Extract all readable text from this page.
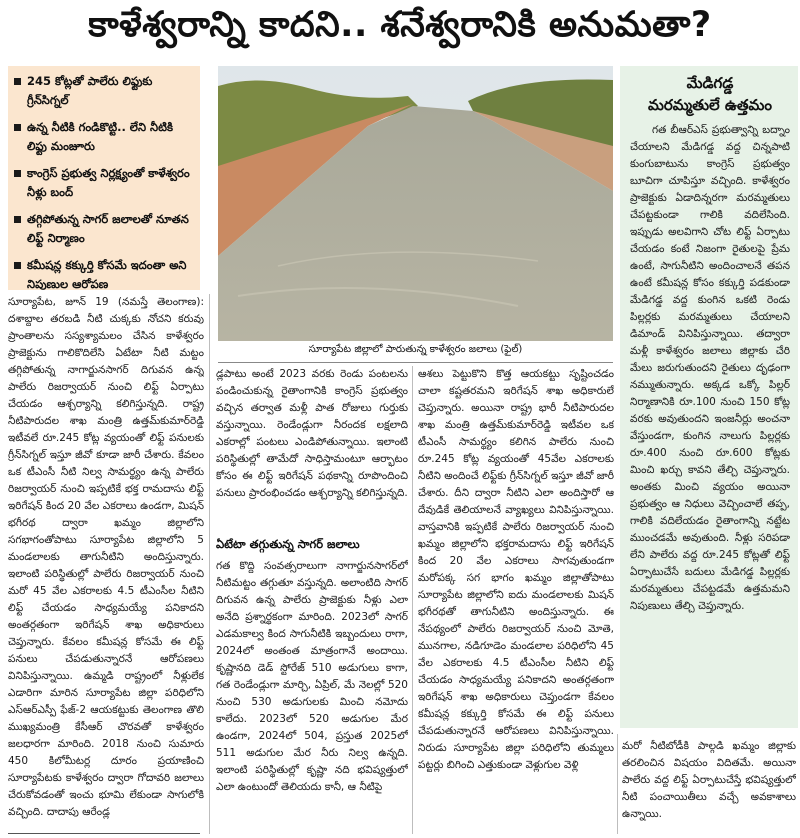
కాళేశ్వరాన్ని కాదని.. శనేశ్వరానికి అనుమతా?
245 కోట్లతో పాలేరు లిఫ్టుకు గ్రీన్‌సిగ్నల్
ఉన్న నీటికి గండికొట్టి.. లేని నీటికి లిఫ్టు మంజూరు
కాంగ్రెస్ ప్రభుత్వ నిర్లక్ష్యంతో కాళేశ్వరం నీళ్లు బంద్
తగ్గిపోతున్న సాగర్ జలాలతో నూతన లిఫ్ట్ నిర్మాణం
కమీషన్ల కక్కుర్తి కోసమే ఇదంతా అని నిపుణుల ఆరోపణ
సూర్యాపేట జిల్లాలో పారుతున్న కాళేశ్వరం జలాలు (ఫైల్)
మేడిగడ్డ
మరమ్మతులే ఉత్తమం
గత బీఆర్ఎస్ ప్రభుత్వాన్ని బద్నాం చేయాలని మేడిగడ్డ వద్ద చిన్నపాటి కుంగుబాటును కాంగ్రెస్ ప్రభుత్వం బూచిగా చూపిస్తూ వచ్చింది. కాళేశ్వరం ప్రాజెక్టుకు ఏడాదిన్నరగా మరమ్మతులు చేపట్టకుండా గాలికి వదిలేసింది. ఇప్పుడు అలవిగాని చోట లిఫ్ట్ ఏర్పాటు చేయడం కంటే నిజంగా రైతులపై ప్రేమ ఉంటే, సాగునీటిని అందించాలనే తపన ఉంటే కమీషన్ల కోసం కక్కుర్తి పడకుండా మేడిగడ్డ వద్ద కుంగిన ఒకటి రెండు పిల్లర్లకు మరమ్మతులు చేయాలని డిమాండ్ వినిపిస్తున్నాయి. తద్వారా మళ్లీ కాళేశ్వరం జలాలు జిల్లాకు చేరి మేలు జరుగుతుందని రైతులు దృఢంగా నమ్ముతున్నారు. అక్కడ ఒక్కో పిల్లర్ నిర్మాణానికి రూ.100 నుంచి 150 కోట్ల వరకు అవుతుందని ఇంజనీర్లు అంచనా వేస్తుండగా, కుంగిన నాలుగు పిల్లర్లకు రూ.400 నుంచి రూ.600 కోట్లకు మించి ఖర్చు కావని తేల్చి చెప్తున్నారు. అంతకు మించి వ్యయం అయినా ప్రభుత్వం ఆ నిధులు వెచ్చించాలే తప్ప, గాలికి వదిలేయడం రైతాంగాన్ని నట్టేట ముంచడమే అవుతుంది. నీళ్లు సరిపడా లేని పాలేరు వద్ద రూ.245 కోట్లతో లిఫ్ట్ ఏర్పాటుచేసే బదులు మేడిగడ్డ పిల్లర్లకు మరమ్మతులు చేపట్టడమే ఉత్తమమని నిపుణులు తేల్చి చెప్తున్నారు.
సూర్యాపేట, జూన్ 19 (నమస్తే తెలంగాణ): దశాబ్దాల తరబడి నీటి చుక్కకు నోచని కరువు ప్రాంతాలను సస్యశ్యామలం చేసిన కాళేశ్వరం ప్రాజెక్టును గాలికొదిలేసి ఏటేటా నీటి మట్టం తగ్గిపోతున్న నాగార్జునసాగర్ దిగువన ఉన్న పాలేరు రిజర్వాయర్ నుంచి లిఫ్ట్ ఏర్పాటు చేయడం ఆశ్చర్యాన్ని కలిగిస్తున్నది. రాష్ట్ర నీటిపారుదల శాఖ మంత్రి ఉత్తమ్‌కుమార్‌రెడ్డి ఇటీవలే రూ.245 కోట్ల వ్యయంతో లిఫ్ట్ పనులకు గ్రీన్‌సిగ్నల్ ఇస్తూ జీవో కూడా జారీ చేశారు. కేవలం ఒక టీఎంసీ నీటి నిల్వ సామర్థ్యం ఉన్న పాలేరు రిజర్వాయర్ నుంచి ఇప్పటికే భక్త రామదాసు లిఫ్ట్ ఇరిగేషన్ కింద 20 వేల ఎకరాలు ఉండగా, మిషన్ భగీరథ ద్వారా ఖమ్మం జిల్లాలోని సగభాగంతోపాటు సూర్యాపేట జిల్లాలోని 5 మండలాలకు తాగునీటిని అందిస్తున్నారు. ఇలాంటి పరిస్థితుల్లో పాలేరు రిజర్వాయర్ నుంచి మరో 45 వేల ఎకరాలకు 4.5 టీఎంసీల నీటిని లిఫ్ట్ చేయడం సాధ్యమయ్యే పనికాదని అంతర్గతంగా ఇరిగేషన్ శాఖ అధికారులు చెప్తున్నారు. కేవలం కమీషన్ల కోసమే ఈ లిఫ్ట్ పనులు చేపడుతున్నారనే ఆరోపణలు వినిపిస్తున్నాయి. ఉమ్మడి రాష్ట్రంలో నీళ్లులేక ఎడారిగా మారిన సూర్యాపేట జిల్లా పరిధిలోని ఎస్ఆర్ఎస్పీ ఫేజ్-2 ఆయకట్టుకు తెలంగాణ తొలి ముఖ్యమంత్రి కేసీఆర్ చొరవతో కాళేశ్వరం జలధారగా మారింది. 2018 నుంచి సుమారు 450 కిలోమీటర్ల దూరం ప్రయాణించి సూర్యాపేటకు కాళేశ్వరం ద్వారా గోదావరి జలాలు చేరుకోవడంతో ఇంచు భూమి లేకుండా సాగులోకి వచ్చింది. దాదాపు ఆరేండ్ల
డ్లపాటు అంటే 2023 వరకు రెండు పంటలను పండించుకున్న రైతాంగానికి కాంగ్రెస్ ప్రభుత్వం వచ్చిన తర్వాత మళ్లీ పాత రోజులు గుర్తుకు వస్తున్నాయి. రెండేండ్లుగా నీరందక లక్షలాది ఎకరాల్లో పంటలు ఎండిపోతున్నాయి. ఇలాంటి పరిస్థితుల్లో తామేదో సాధిస్తామంటూ ఆర్భాటం కోసం ఈ లిఫ్ట్ ఇరిగేషన్ పథకాన్ని రూపొందించి పనులు ప్రారంభించడం ఆశ్చర్యాన్ని కలిగిస్తున్నది.
ఏటేటా తగ్గుతున్న సాగర్ జలాలు
గత కొద్ది సంవత్సరాలుగా నాగార్జునసాగర్‌లో నీటిమట్టం తగ్గుతూ వస్తున్నది. అలాంటిది సాగర్ దిగువన ఉన్న పాలేరు ప్రాజెక్టుకు నీళ్లు ఎలా అనేది ప్రశ్నార్థకంగా మారింది. 2023లో సాగర్ ఎడమకాల్వ కింద సాగునీటికి ఇబ్బందులు రాగా, 2024లో అంతంత మాత్రంగానే అందాయి. కృష్ణానది డెడ్ స్టోరేజ్ 510 అడుగులు కాగా, గత రెండేండ్లుగా మార్చి, ఏప్రిల్, మే నెలల్లో 520 నుంచి 530 అడుగులకు మించి నమోదు కాలేదు. 2023లో 520 అడుగుల మేర ఉండగా, 2024లో 504, ప్రస్తుత 2025లో 511 అడుగుల మేర నీరు నిల్వ ఉన్నది. ఇలాంటి పరిస్థితుల్లో కృష్ణా నది భవిష్యత్తులో ఎలా ఉంటుందో తెలియదు కానీ, ఆ నీటిపై
ఆశలు పెట్టుకొని కొత్త ఆయకట్టు సృష్టించడం చాలా కష్టతరమని ఇరిగేషన్ శాఖ అధికారులే చెప్తున్నారు. అయినా రాష్ట్ర భారీ నీటిపారుదల శాఖ మంత్రి ఉత్తమ్‌కుమార్‌రెడ్డి ఇటీవల ఒక టీఎంసీ సామర్థ్యం కలిగిన పాలేరు నుంచి రూ.245 కోట్ల వ్యయంతో 45వేల ఎకరాలకు నీటిని అందించే లిఫ్ట్‌కు గ్రీన్‌సిగ్నల్ ఇస్తూ జీవో జారీ చేశారు. దీని ద్వారా నీటిని ఎలా అందిస్తారో ఆ దేవుడికే తెలియాలనే వ్యాఖ్యలు వినిపిస్తున్నాయి. వాస్తవానికి ఇప్పటికే పాలేరు రిజర్వాయర్ నుంచి ఖమ్మం జిల్లాలోని భక్తరామదాసు లిఫ్ట్ ఇరిగేషన్ కింద 20 వేల ఎకరాలు సాగవుతుండగా మరోపక్క సగ భాగం ఖమ్మం జిల్లాతోపాటు సూర్యాపేట జిల్లాలోని ఐదు మండలాలకు మిషన్ భగీరథతో తాగునీటిని అందిస్తున్నారు. ఈ నేపథ్యంలో పాలేరు రిజర్వాయర్ నుంచి మోతె, మునగాల, నడిగూడెం మండలాల పరిధిలోని 45 వేల ఎకరాలకు 4.5 టీఎంసీల నీటిని లిఫ్ట్ చేయడం సాధ్యమయ్యే పనికాదని అంతర్గతంగా ఇరిగేషన్ శాఖ అధికారులు చెప్తుండగా కేవలం కమీషన్ల కక్కుర్తి కోసమే ఈ లిఫ్ట్ పనులు చేపడుతున్నారనే ఆరోపణలు వినిపిస్తున్నాయి. నిరుడు సూర్యాపేట జిల్లా పరిధిలోని తుమ్మలు పట్టర్లు బిగించి ఎత్తుకుండా వెళ్లుగుల వెళ్లి
మరో నీటిబోడీకి పాల్గడి ఖమ్మం జిల్లాకు తరలించిన విషయం విదితమే. అయినా పాలేరు వద్ద లిఫ్ట్ ఏర్పాటుచేస్తే భవిష్యత్తులో నీటి పంచాయితీలు వచ్చే అవకాశాలు ఉన్నాయి.
